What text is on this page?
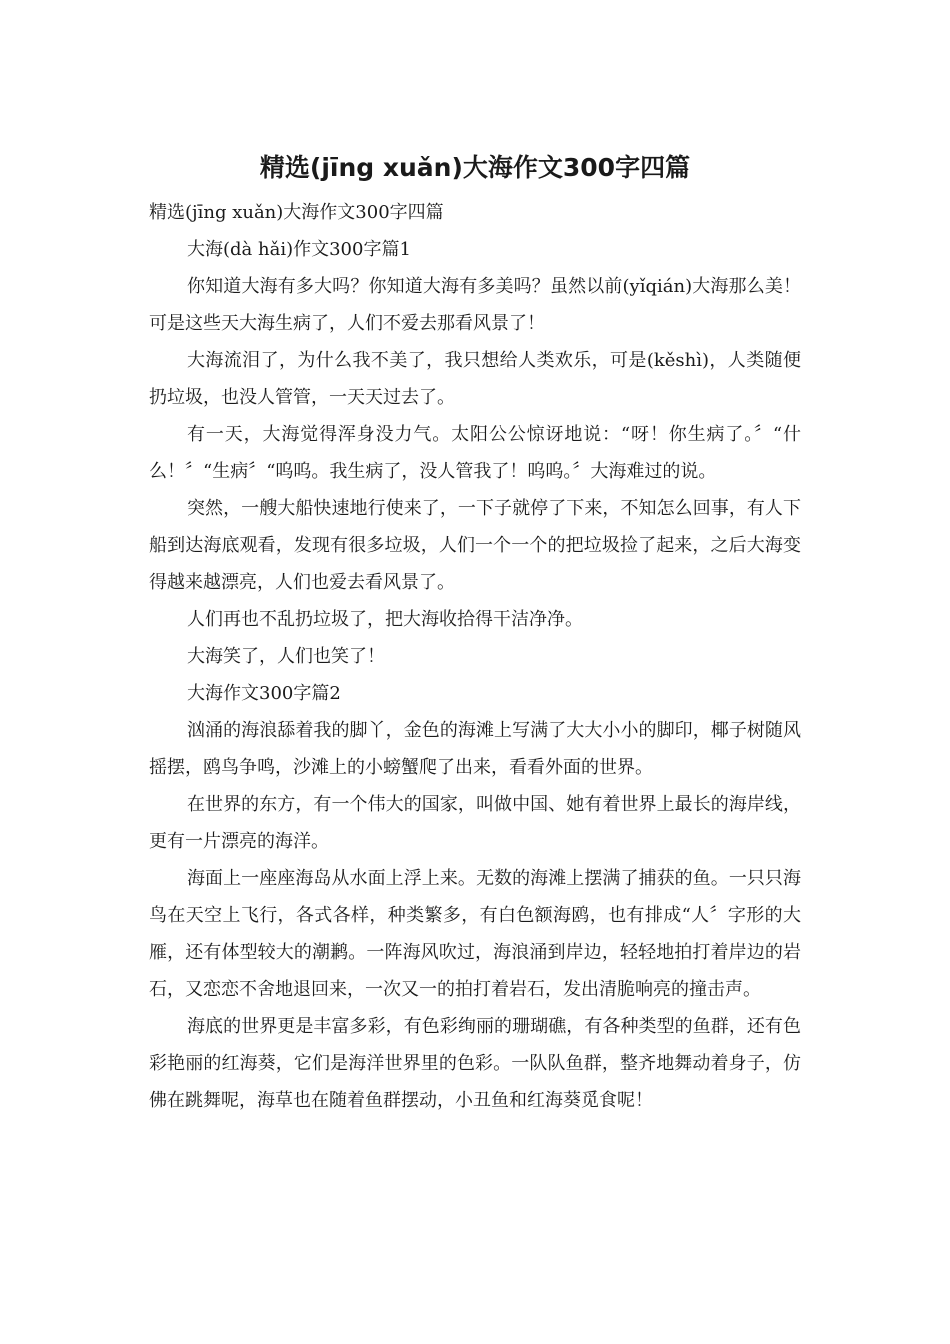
精选(jīng xuǎn)大海作文300字四篇

精选(jīng xuǎn)大海作文300字四篇

大海(dà hǎi)作文300字篇1

你知道大海有多大吗？你知道大海有多美吗？虽然以前(yǐqián)大海那么美！可是这些天大海生病了，人们不爱去那看风景了！

大海流泪了，为什么我不美了，我只想给人类欢乐，可是(kěshì)，人类随便扔垃圾，也没人管管，一天天过去了。

有一天，大海觉得浑身没力气。太阳公公惊讶地说：“呀！你生病了。〞“什么！〞“生病〞“呜呜。我生病了，没人管我了！呜呜。〞大海难过的说。

突然，一艘大船快速地行使来了，一下子就停了下来，不知怎么回事，有人下船到达海底观看，发现有很多垃圾，人们一个一个的把垃圾捡了起来，之后大海变得越来越漂亮，人们也爱去看风景了。

人们再也不乱扔垃圾了，把大海收拾得干洁净净。

大海笑了，人们也笑了！

大海作文300字篇2

汹涌的海浪舔着我的脚丫，金色的海滩上写满了大大小小的脚印，椰子树随风摇摆，鸥鸟争鸣，沙滩上的小螃蟹爬了出来，看看外面的世界。

在世界的东方，有一个伟大的国家，叫做中国、她有着世界上最长的海岸线，更有一片漂亮的海洋。

海面上一座座海岛从水面上浮上来。无数的海滩上摆满了捕获的鱼。一只只海鸟在天空上飞行，各式各样，种类繁多，有白色额海鸥，也有排成“人〞字形的大雁，还有体型较大的潮鹣。一阵海风吹过，海浪涌到岸边，轻轻地拍打着岸边的岩石，又恋恋不舍地退回来，一次又一的拍打着岩石，发出清脆响亮的撞击声。

海底的世界更是丰富多彩，有色彩绚丽的珊瑚礁，有各种类型的鱼群，还有色彩艳丽的红海葵，它们是海洋世界里的色彩。一队队鱼群，整齐地舞动着身子，仿佛在跳舞呢，海草也在随着鱼群摆动，小丑鱼和红海葵觅食呢！
